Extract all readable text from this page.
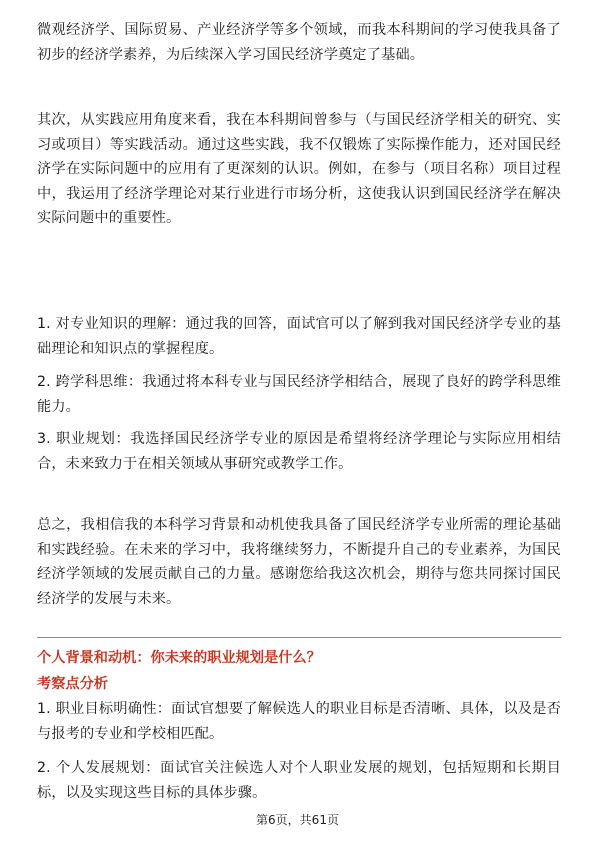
微观经济学、国际贸易、产业经济学等多个领域，而我本科期间的学习使我具备了初步的经济学素养，为后续深入学习国民经济学奠定了基础。

其次，从实践应用角度来看，我在本科期间曾参与（与国民经济学相关的研究、实习或项目）等实践活动。通过这些实践，我不仅锻炼了实际操作能力，还对国民经济学在实际问题中的应用有了更深刻的认识。例如，在参与（项目名称）项目过程中，我运用了经济学理论对某行业进行市场分析，这使我认识到国民经济学在解决实际问题中的重要性。

1. 对专业知识的理解：通过我的回答，面试官可以了解到我对国民经济学专业的基础理论和知识点的掌握程度。

2. 跨学科思维：我通过将本科专业与国民经济学相结合，展现了良好的跨学科思维能力。

3. 职业规划：我选择国民经济学专业的原因是希望将经济学理论与实际应用相结合，未来致力于在相关领域从事研究或教学工作。

总之，我相信我的本科学习背景和动机使我具备了国民经济学专业所需的理论基础和实践经验。在未来的学习中，我将继续努力，不断提升自己的专业素养，为国民经济学领域的发展贡献自己的力量。感谢您给我这次机会，期待与您共同探讨国民经济学的发展与未来。

个人背景和动机：你未来的职业规划是什么？

考察点分析

1. 职业目标明确性：面试官想要了解候选人的职业目标是否清晰、具体，以及是否与报考的专业和学校相匹配。

2. 个人发展规划：面试官关注候选人对个人职业发展的规划，包括短期和长期目标，以及实现这些目标的具体步骤。

第6页，共61页
